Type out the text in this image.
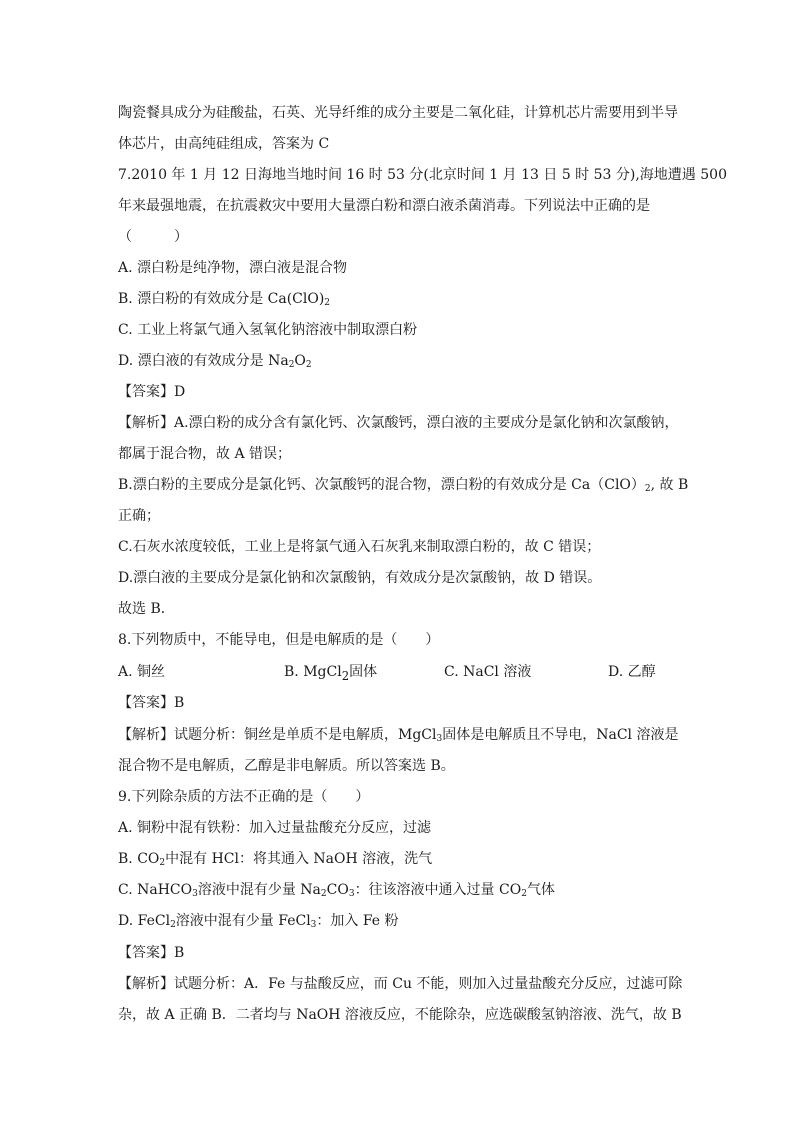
陶瓷餐具成分为硅酸盐，石英、光导纤维的成分主要是二氧化硅，计算机芯片需要用到半导
体芯片，由高纯硅组成，答案为 C
7.2010 年 1 月 12 日海地当地时间 16 时 53 分(北京时间 1 月 13 日 5 时 53 分),海地遭遇 500
年来最强地震，在抗震救灾中要用大量漂白粉和漂白液杀菌消毒。下列说法中正确的是
（　　　）
A. 漂白粉是纯净物，漂白液是混合物
B. 漂白粉的有效成分是 $Ca(ClO)_2$
C. 工业上将氯气通入氢氧化钠溶液中制取漂白粉
D. 漂白液的有效成分是 $Na_2O_2$
【答案】D
【解析】A.漂白粉的成分含有氯化钙、次氯酸钙，漂白液的主要成分是氯化钠和次氯酸钠，
都属于混合物，故 A 错误；
B.漂白粉的主要成分是氯化钙、次氯酸钙的混合物，漂白粉的有效成分是 $Ca(ClO)_2$, 故 B
正确；
C.石灰水浓度较低，工业上是将氯气通入石灰乳来制取漂白粉的，故 C 错误；
D.漂白液的主要成分是氯化钠和次氯酸钠，有效成分是次氯酸钠，故 D 错误。
故选 B．
8.下列物质中，不能导电，但是电解质的是（　　）
A. 铜丝	B. MgCl$_2$固体	C. NaCl 溶液	D. 乙醇
【答案】B
【解析】试题分析：铜丝是单质不是电解质，MgCl$_3$固体是电解质且不导电，NaCl 溶液是
混合物不是电解质，乙醇是非电解质。所以答案选 B。
9.下列除杂质的方法不正确的是（　　）
A. 铜粉中混有铁粉：加入过量盐酸充分反应，过滤
B. $CO_2$中混有 HCl：将其通入 NaOH 溶液，洗气
C. NaHCO$_3$溶液中混有少量 $Na_2CO_3$：往该溶液中通入过量 $CO_2$气体
D. FeCl$_2$溶液中混有少量 FeCl$_3$：加入 Fe 粉
【答案】B
【解析】试题分析：A．Fe 与盐酸反应，而 Cu 不能，则加入过量盐酸充分反应，过滤可除
杂，故 A 正确 B．二者均与 NaOH 溶液反应，不能除杂，应选碳酸氢钠溶液、洗气，故 B
